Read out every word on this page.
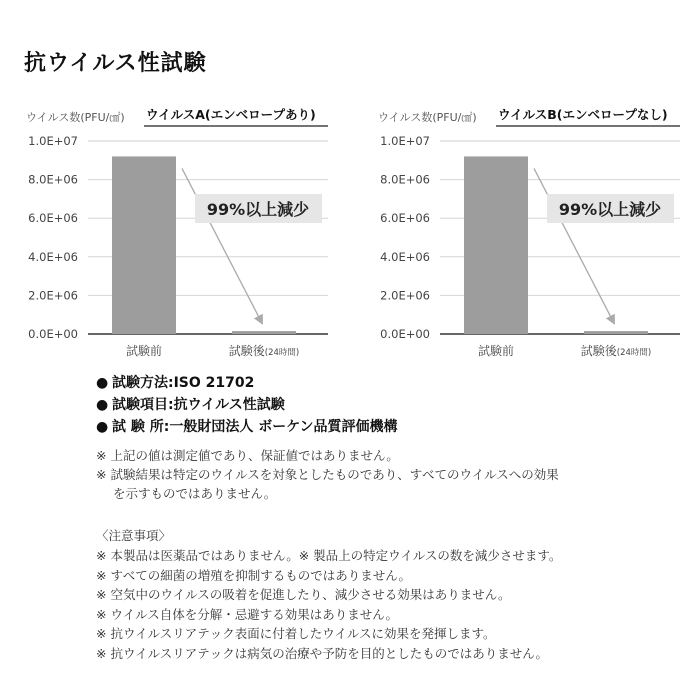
抗ウイルス性試験
ウイルス数(PFU/㎠) ウイルスA(エンベロープあり)
0.0E+00
2.0E+06
4.0E+06
6.0E+06
8.0E+06
1.0E+07
試験前	試験後(24時間)
99%以上減少
ウイルス数(PFU/㎠) ウイルスB(エンベロープなし)
0.0E+00
2.0E+06
4.0E+06
6.0E+06
8.0E+06
1.0E+07
試験前	試験後(24時間)
99%以上減少
● 試験方法:ISO 21702
● 試験項目:抗ウイルス性試験
● 試 験 所:一般財団法人 ボーケン品質評価機構
※ 上記の値は測定値であり、保証値ではありません。
※ 試験結果は特定のウイルスを対象としたものであり、すべてのウイルスへの効果
を示すものではありません。
〈注意事項〉
※ 本製品は医薬品ではありません。※ 製品上の特定ウイルスの数を減少させます。
※ すべての細菌の増殖を抑制するものではありません。
※ 空気中のウイルスの吸着を促進したり、減少させる効果はありません。
※ ウイルス自体を分解・忌避する効果はありません。
※ 抗ウイルスリアテック表面に付着したウイルスに効果を発揮します。
※ 抗ウイルスリアテックは病気の治療や予防を目的としたものではありません。
